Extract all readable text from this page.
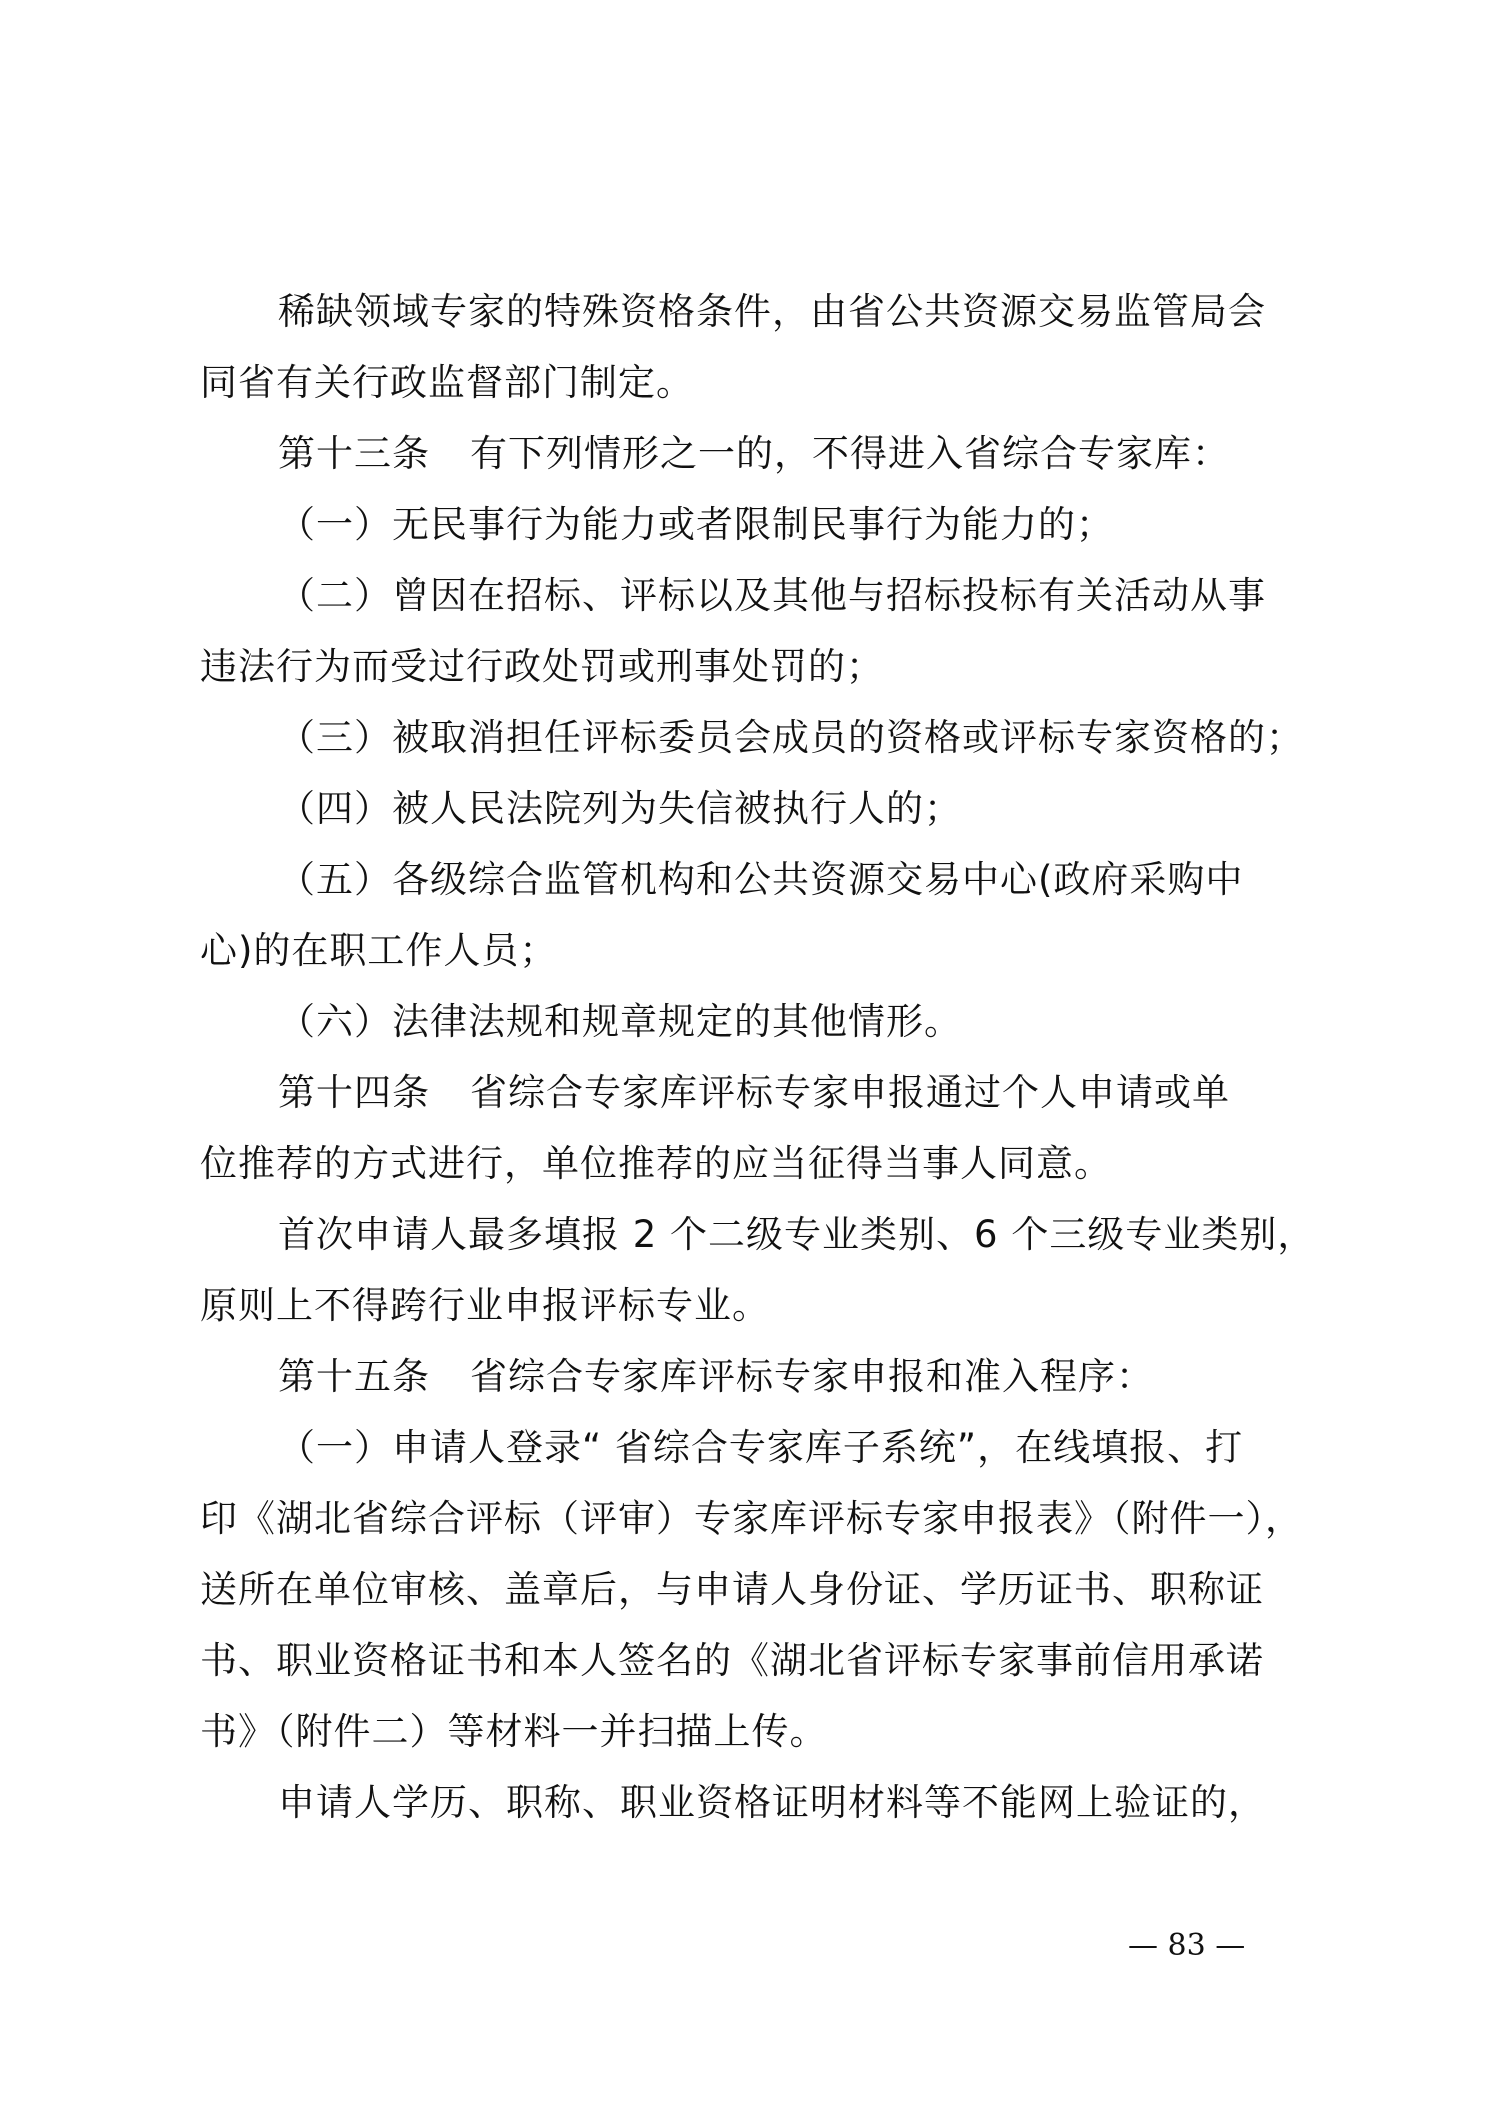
稀缺领域专家的特殊资格条件，由省公共资源交易监管局会
同省有关行政监督部门制定。
第十三条 有下列情形之一的，不得进入省综合专家库：
（一）无民事行为能力或者限制民事行为能力的；
（二）曾因在招标、评标以及其他与招标投标有关活动从事
违法行为而受过行政处罚或刑事处罚的；
（三）被取消担任评标委员会成员的资格或评标专家资格的；
（四）被人民法院列为失信被执行人的；
（五）各级综合监管机构和公共资源交易中心(政府采购中
心)的在职工作人员；
（六）法律法规和规章规定的其他情形。
第十四条 省综合专家库评标专家申报通过个人申请或单
位推荐的方式进行，单位推荐的应当征得当事人同意。
首次申请人最多填报 2 个二级专业类别、6 个三级专业类别，
原则上不得跨行业申报评标专业。
第十五条 省综合专家库评标专家申报和准入程序：
（一）申请人登录“ 省综合专家库子系统”，在线填报、打
印《湖北省综合评标（评审）专家库评标专家申报表》（附件一），
送所在单位审核、盖章后，与申请人身份证、学历证书、职称证
书、职业资格证书和本人签名的《湖北省评标专家事前信用承诺
书》（附件二）等材料一并扫描上传。
申请人学历、职称、职业资格证明材料等不能网上验证的，
— 83 —
